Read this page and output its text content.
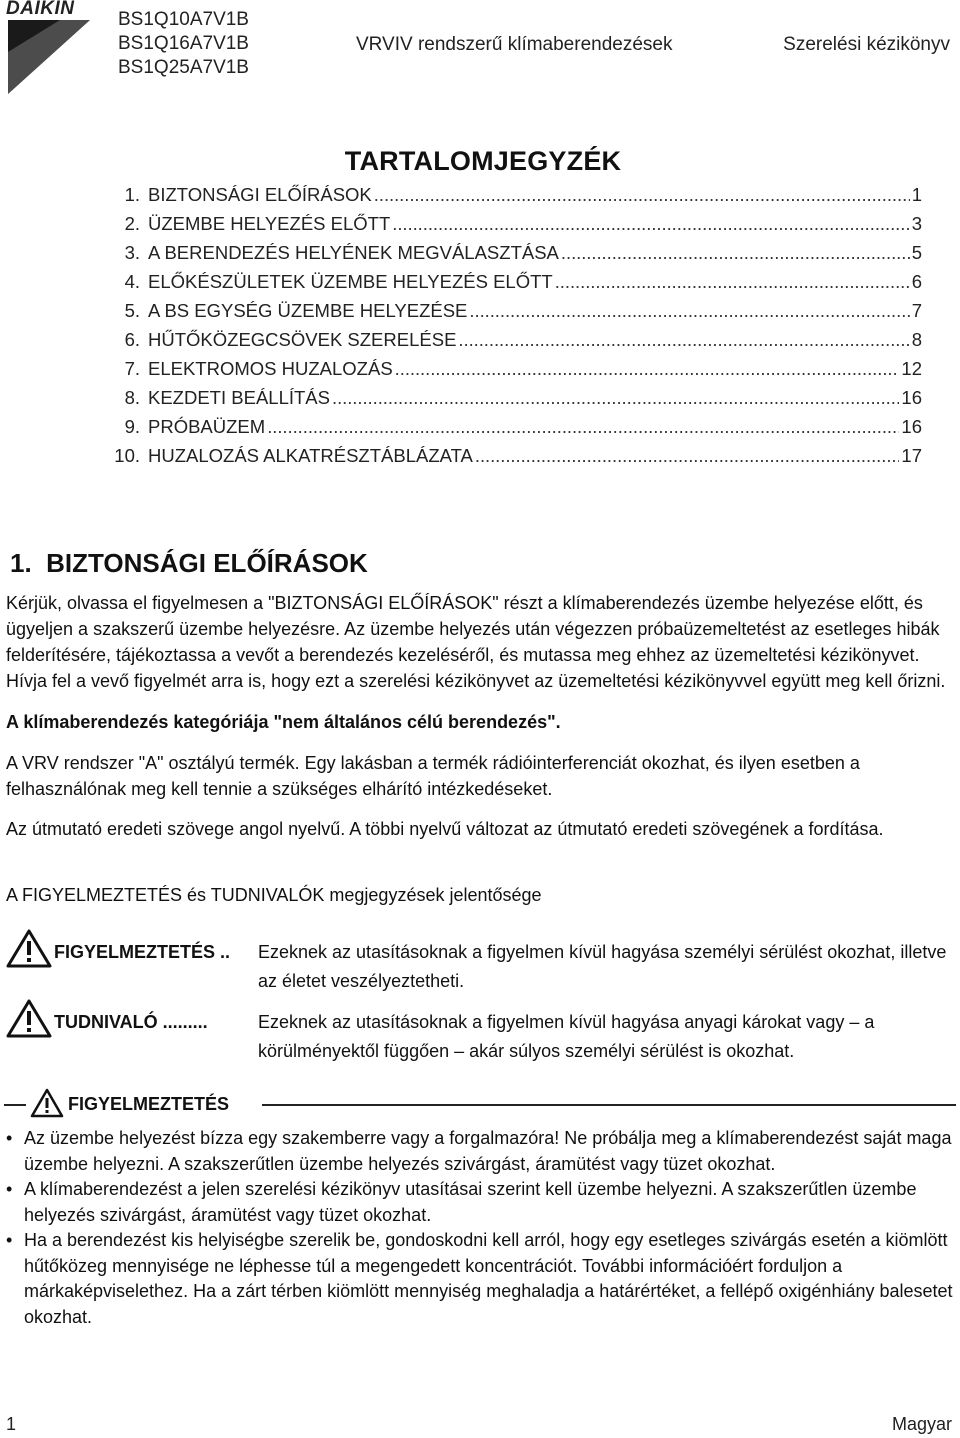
DAIKIN
BS1Q10A7V1B
BS1Q16A7V1B
BS1Q25A7V1B
VRVIV rendszerű klímaberendezések	Szerelési kézikönyv
TARTALOMJEGYZÉK
1. BIZTONSÁGI ELŐÍRÁSOK . . .	1
2. ÜZEMBE HELYEZÉS ELŐTT . . .	3
3. A BERENDEZÉS HELYÉNEK MEGVÁLASZTÁSA . . .	5
4. ELŐKÉSZÜLETEK ÜZEMBE HELYEZÉS ELŐTT . . .	6
5. A BS EGYSÉG ÜZEMBE HELYEZÉSE . . .	7
6. HŰTŐKÖZEGCSÖVEK SZERELÉSE . . .	8
7. ELEKTROMOS HUZALOZÁS . . .	12
8. KEZDETI BEÁLLÍTÁS . . .	16
9. PRÓBAÜZEM . . .	16
10. HUZALOZÁS ALKATRÉSZTÁBLÁZATA . . .	17
1.  BIZTONSÁGI ELŐÍRÁSOK
Kérjük, olvassa el figyelmesen a "BIZTONSÁGI ELŐÍRÁSOK" részt a klímaberendezés üzembe helyezése előtt, és ügyeljen a szakszerű üzembe helyezésre. Az üzembe helyezés után végezzen próbaüzemeltetést az esetleges hibák felderítésére, tájékoztassa a vevőt a berendezés kezeléséről, és mutassa meg ehhez az üzemeltetési kézikönyvet. Hívja fel a vevő figyelmét arra is, hogy ezt a szerelési kézikönyvet az üzemeltetési kézikönyvvel együtt meg kell őrizni.
A klímaberendezés kategóriája "nem általános célú berendezés".
A VRV rendszer "A" osztályú termék. Egy lakásban a termék rádióinterferenciát okozhat, és ilyen esetben a felhasználónak meg kell tennie a szükséges elhárító intézkedéseket.
Az útmutató eredeti szövege angol nyelvű. A többi nyelvű változat az útmutató eredeti szövegének a fordítása.
A FIGYELMEZTETÉS és TUDNIVALÓK megjegyzések jelentősége
FIGYELMEZTETÉS .. Ezeknek az utasításoknak a figyelmen kívül hagyása személyi sérülést okozhat, illetve az életet veszélyeztetheti.
TUDNIVALÓ .........	Ezeknek az utasításoknak a figyelmen kívül hagyása anyagi károkat vagy – a körülményektől függően – akár súlyos személyi sérülést is okozhat.
FIGYELMEZTETÉS
• Az üzembe helyezést bízza egy szakemberre vagy a forgalmazóra! Ne próbálja meg a klímaberendezést saját maga üzembe helyezni. A szakszerűtlen üzembe helyezés szivárgást, áramütést vagy tüzet okozhat.
• A klímaberendezést a jelen szerelési kézikönyv utasításai szerint kell üzembe helyezni. A szakszerűtlen üzembe helyezés szivárgást, áramütést vagy tüzet okozhat.
• Ha a berendezést kis helyiségbe szerelik be, gondoskodni kell arról, hogy egy esetleges szivárgás esetén a kiömlött hűtőközeg mennyisége ne léphesse túl a megengedett koncentrációt. További információért forduljon a márkaképviselethez. Ha a zárt térben kiömlött mennyiség meghaladja a határértéket, a fellépő oxigénhiány balesetet okozhat.
1	Magyar
